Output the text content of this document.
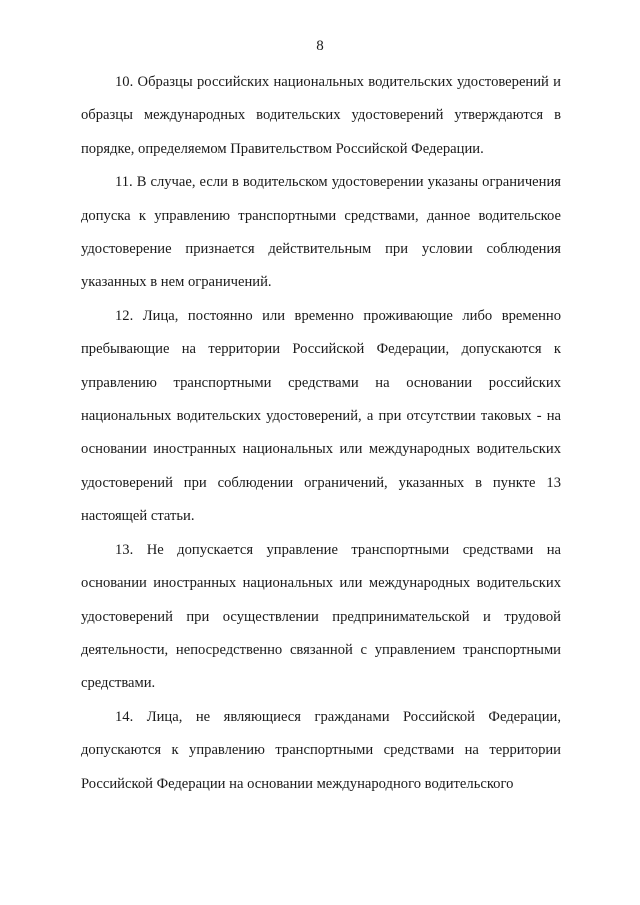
8

10. Образцы российских национальных водительских удостоверений и образцы международных водительских удостоверений утверждаются в порядке, определяемом Правительством Российской Федерации.

11. В случае, если в водительском удостоверении указаны ограничения допуска к управлению транспортными средствами, данное водительское удостоверение признается действительным при условии соблюдения указанных в нем ограничений.

12. Лица, постоянно или временно проживающие либо временно пребывающие на территории Российской Федерации, допускаются к управлению транспортными средствами на основании российских национальных водительских удостоверений, а при отсутствии таковых - на основании иностранных национальных или международных водительских удостоверений при соблюдении ограничений, указанных в пункте 13 настоящей статьи.

13. Не допускается управление транспортными средствами на основании иностранных национальных или международных водительских удостоверений при осуществлении предпринимательской и трудовой деятельности, непосредственно связанной с управлением транспортными средствами.

14. Лица, не являющиеся гражданами Российской Федерации, допускаются к управлению транспортными средствами на территории Российской Федерации на основании международного водительского
